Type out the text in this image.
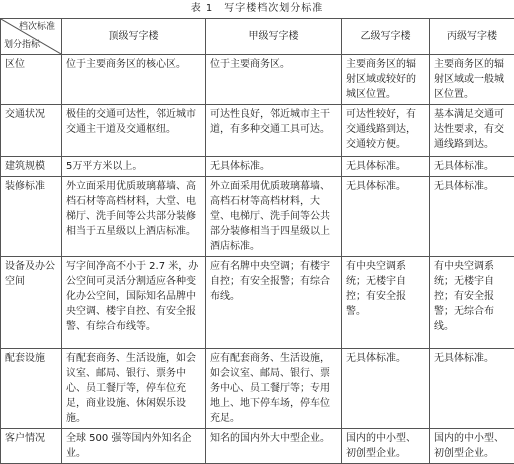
表 1　写字楼档次划分标准
档次标准
划分指标	顶级写字楼	甲级写字楼	乙级写字楼	丙级写字楼
区位	位于主要商务区的核心区。	位于主要商务区。	主要商务区的辐射区域或较好的城区位置。	主要商务区的辐射区域或一般城区位置。
交通状况	极佳的交通可达性，邻近城市交通主干道及交通枢纽。	可达性良好，邻近城市主干道，有多种交通工具可达。	可达性较好，有交通线路到达，交通较方便。	基本满足交通可达性要求，有交通线路到达。
建筑规模	5万平方米以上。	无具体标准。	无具体标准。	无具体标准。
装修标准	外立面采用优质玻璃幕墙、高档石材等高档材料，大堂、电梯厅、洗手间等公共部分装修相当于五星级以上酒店标准。	外立面采用优质玻璃幕墙、高档石材等高档材料，大堂、电梯厅、洗手间等公共部分装修相当于四星级以上酒店标准。	无具体标准。	无具体标准。
设备及办公空间	写字间净高不小于 2.7 米，办公空间可灵活分割适应各种变化办公空间，国际知名品牌中央空调、楼宇自控、有安全报警、有综合布线等。	应有名牌中央空调；有楼宇自控；有安全报警；有综合布线。	有中央空调系统；无楼宇自控；有安全报警。	有中央空调系统；无楼宇自控；有安全报警；无综合布线。
配套设施	有配套商务、生活设施，如会议室、邮局、银行、票务中心、员工餐厅等，停车位充足，商业设施、休闲娱乐设施。	应有配套商务、生活设施，如会议室、邮局、银行、票务中心、员工餐厅等；专用地上、地下停车场，停车位充足。	无具体标准。	无具体标准。
客户情况	全球 500 强等国内外知名企业。	知名的国内外大中型企业。	国内的中小型、初创型企业。	国内的中小型、初创型企业。
